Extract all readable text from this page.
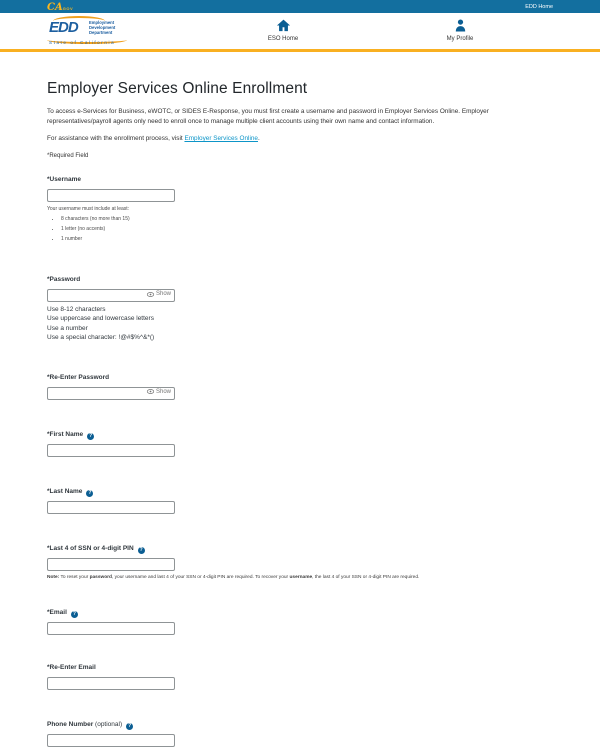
CAGOV	EDD Home
EDD	Employment
Development
Department
State of California
ESO Home	My Profile
Employer Services Online Enrollment

To access e-Services for Business, eWOTC, or SIDES E-Response, you must first create a username and password in Employer Services Online. Employer representatives/payroll agents only need to enroll once to manage multiple client accounts using their own name and contact information.

For assistance with the enrollment process, visit Employer Services Online.

*Required Field

*Username
Your username must include at least:
• 8 characters (no more than 15)
• 1 letter (no accents)
• 1 number
*Password
Show
Use 8-12 characters
Use uppercase and lowercase letters
Use a number
Use a special character: !@#$%^&*()
*Re-Enter Password
Show
*First Name ?
*Last Name ?
*Last 4 of SSN or 4-digit PIN ?

Note: To reset your password, your username and last 4 of your SSN or 4-digit PIN are required. To recover your username, the last 4 of your SSN or 4-digit PIN are required.

*Email ?
*Re-Enter Email
Phone Number (optional) ?
